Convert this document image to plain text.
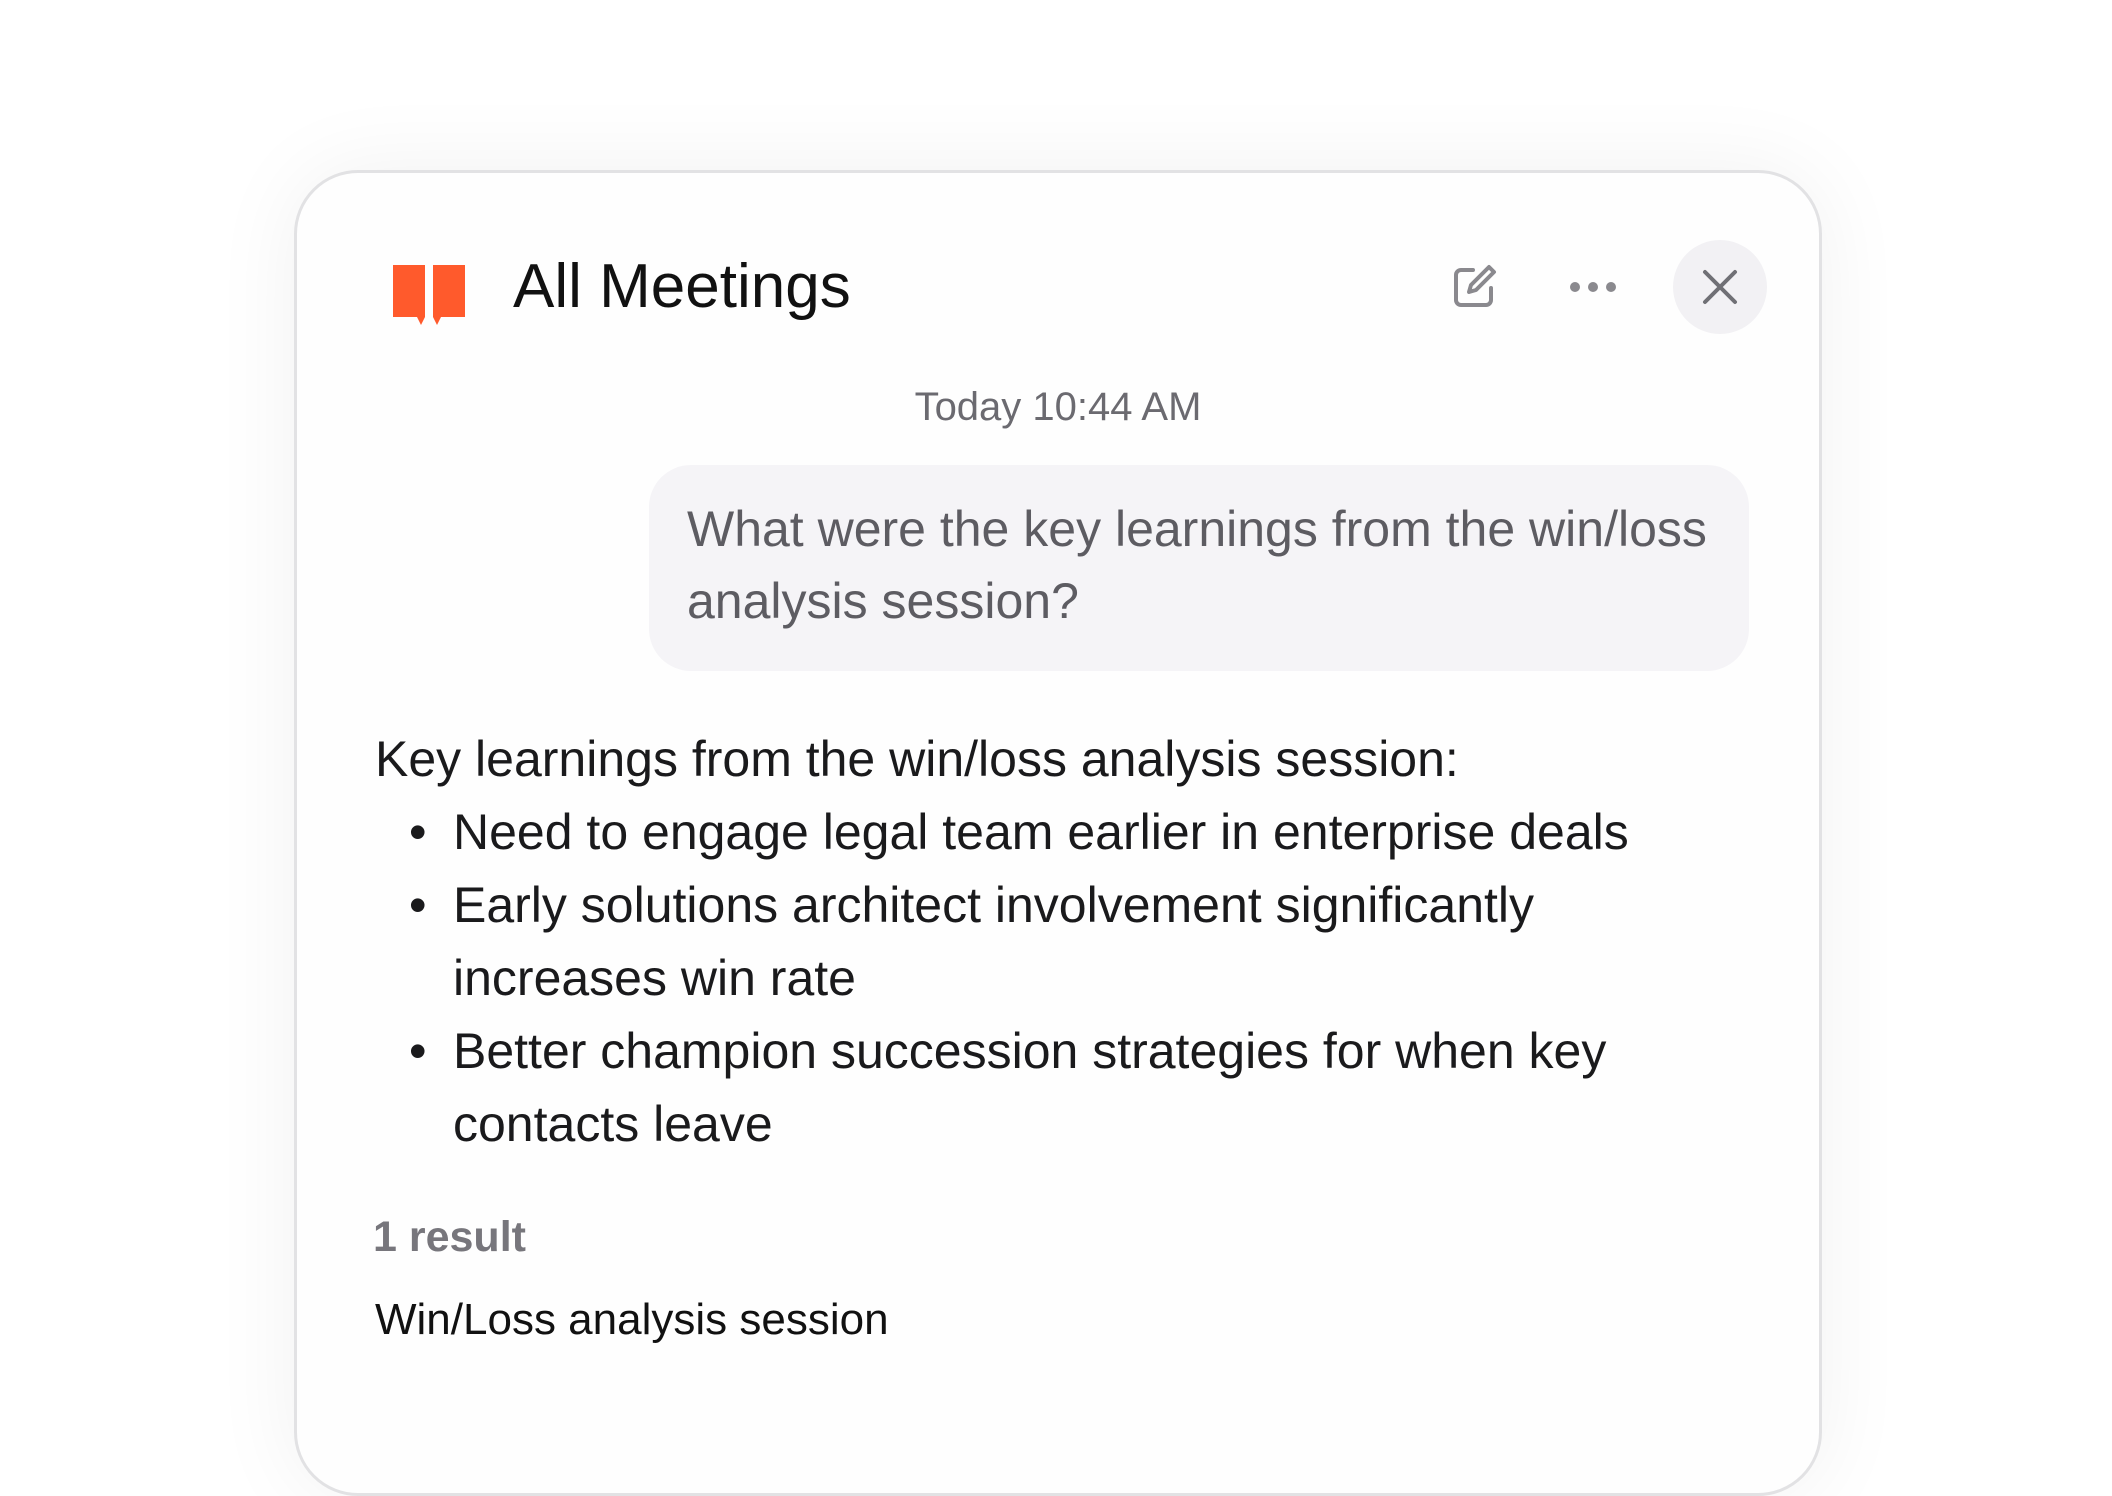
All Meetings
Today 10:44 AM
What were the key learnings from the win/loss analysis session?
Key learnings from the win/loss analysis session:
• Need to engage legal team earlier in enterprise deals
• Early solutions architect involvement significantly increases win rate
• Better champion succession strategies for when key contacts leave
1 result
Win/Loss analysis session
